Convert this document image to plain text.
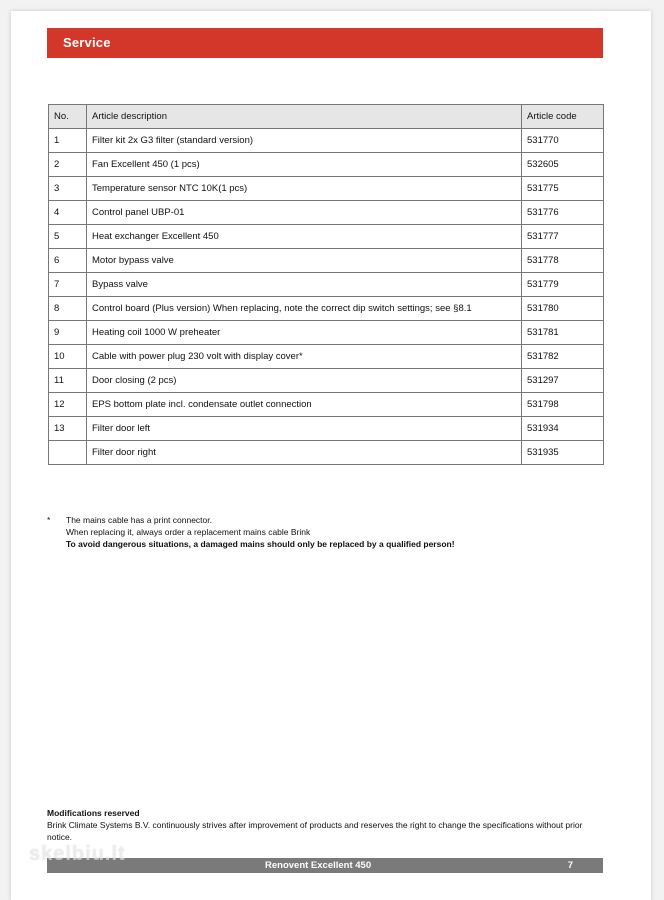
Service
No.	Article description	Article code
1	Filter kit 2x G3 filter (standard version)	531770
2	Fan Excellent 450 (1 pcs)	532605
3	Temperature sensor NTC 10K(1 pcs)	531775
4	Control panel UBP-01	531776
5	Heat exchanger Excellent 450	531777
6	Motor bypass valve	531778
7	Bypass valve	531779
8	Control board (Plus version) When replacing, note the correct dip switch settings; see §8.1	531780
9	Heating coil 1000 W preheater	531781
10	Cable with power plug 230 volt with display cover*	531782
11	Door closing (2 pcs)	531297
12	EPS bottom plate incl. condensate outlet connection	531798
13	Filter door left	531934
	Filter door right	531935
* The mains cable has a print connector.
When replacing it, always order a replacement mains cable Brink
To avoid dangerous situations, a damaged mains should only be replaced by a qualified person!
Modifications reserved
Brink Climate Systems B.V. continuously strives after improvement of products and reserves the right to change the specifications without prior notice.
Renovent Excellent 450	7
skelbiu.lt
